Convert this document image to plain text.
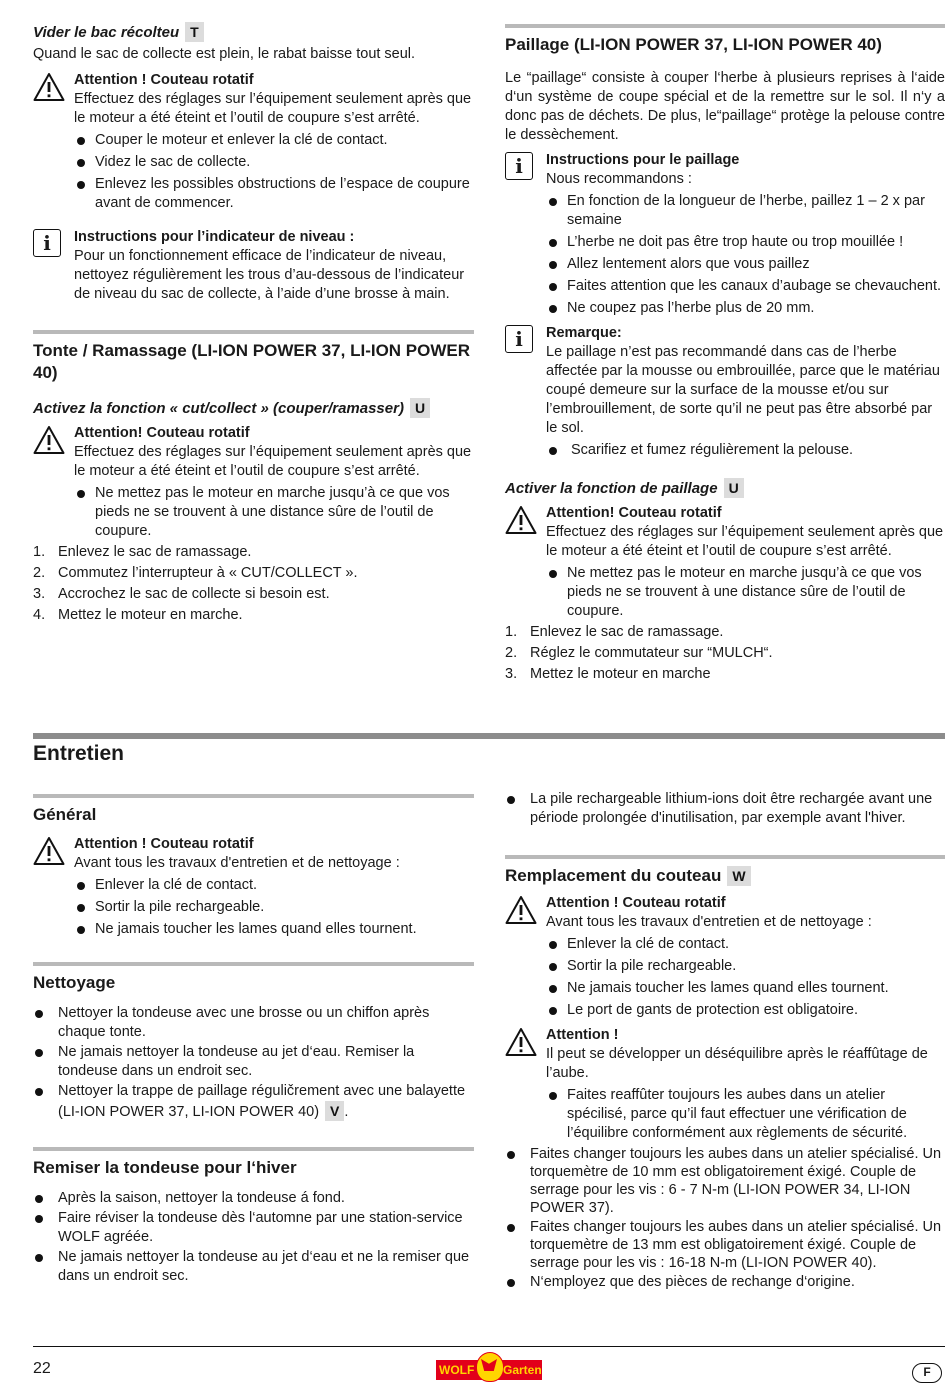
Vider le bac récolteu T

Quand le sac de collecte est plein, le rabat baisse tout seul.

Attention ! Couteau rotatif

Effectuez des réglages sur l’équipement seulement après que le moteur a été éteint et l’outil de coupure s’est arrêté.

Couper le moteur et enlever la clé de contact.
Videz le sac de collecte.
Enlevez les possibles obstructions de l’espace de coupure avant de commencer.
i	Instructions pour l’indicateur de niveau :

Pour un fonctionnement efficace de l’indicateur de niveau, nettoyez régulièrement les trous d’au-dessous de l’indicateur de niveau du sac de collecte, à l’aide d’une brosse à main.

Tonte / Ramassage (LI-ION POWER 37, LI-ION POWER 40)
Activez la fonction « cut/collect » (couper/ramasser) U

Attention! Couteau rotatif

Effectuez des réglages sur l’équipement seulement après que le moteur a été éteint et l’outil de coupure s’est arrêté.

Ne mettez pas le moteur en marche jusqu’à ce que vos pieds ne se trouvent à une distance sûre de l’outil de coupure.
1. Enlevez le sac de ramassage.
2. Commutez l’interrupteur à « CUT/COLLECT ».
3. Accrochez le sac de collecte si besoin est.
4. Mettez le moteur en marche.
Paillage (LI-ION POWER 37, LI-ION POWER 40)

Le “paillage“ consiste à couper l‘herbe à plusieurs reprises à l‘aide d‘un système de coupe spécial et de la remettre sur le sol. Il n‘y a donc pas de déchets. De plus, le“paillage“ protège la pelouse contre le dessèchement.

i	Instructions pour le paillage

Nous recommandons :

En fonction de la longueur de l’herbe, paillez 1 – 2 x par semaine
L’herbe ne doit pas être trop haute ou trop mouillée !
Allez lentement alors que vous paillez
Faites attention que les canaux d’aubage se chevauchent.
Ne coupez pas l’herbe plus de 20 mm.
i	Remarque:

Le paillage n’est pas recommandé dans cas de l’herbe affectée par la mousse ou embrouillée, parce que le matériau coupé demeure sur la surface de la mousse et/ou sur l’embrouillement, de sorte qu’il ne peut pas être absorbé par le sol.

Scarifiez et fumez régulièrement la pelouse.
Activer la fonction de paillage U

Attention! Couteau rotatif

Effectuez des réglages sur l’équipement seulement après que le moteur a été éteint et l’outil de coupure s’est arrêté.

Ne mettez pas le moteur en marche jusqu’à ce que vos pieds ne se trouvent à une distance sûre de l’outil de coupure.
1. Enlevez le sac de ramassage.
2. Réglez le commutateur sur “MULCH“.
3. Mettez le moteur en marche
Entretien
Général

Attention ! Couteau rotatif

Avant tous les travaux d'entretien et de nettoyage :

Enlever la clé de contact.
Sortir la pile rechargeable.
Ne jamais toucher les lames quand elles tournent.
Nettoyage
Nettoyer la tondeuse avec une brosse ou un chiffon après chaque tonte.
Ne jamais nettoyer la tondeuse au jet d‘eau. Remiser la tondeuse dans un endroit sec.
Nettoyer la trappe de paillage réguličrement avec une balayette (LI-ION POWER 37, LI-ION POWER 40) V .
Remiser la tondeuse pour l‘hiver
Après la saison, nettoyer la tondeuse á fond.
Faire réviser la tondeuse dès l‘automne par une station-service WOLF agréée.
Ne jamais nettoyer la tondeuse au jet d‘eau et ne la remiser que dans un endroit sec.
La pile rechargeable lithium-ions doit être rechargée avant une période prolongée d'inutilisation, par exemple avant l'hiver.
Remplacement du couteau W

Attention ! Couteau rotatif

Avant tous les travaux d'entretien et de nettoyage :

Enlever la clé de contact.
Sortir la pile rechargeable.
Ne jamais toucher les lames quand elles tournent.
Le port de gants de protection est obligatoire.

Attention !

Il peut se développer un déséquilibre après le réaffûtage de l’aube.

Faites reaffûter toujours les aubes dans un atelier spécilisé, parce qu’il faut effectuer une vérification de l’équilibre conformément aux règlements de sécurité.
Faites changer toujours les aubes dans un atelier spécialisé. Un torquemètre de 10 mm est obligatoirement éxigé. Couple de serrage pour les vis : 6 - 7 N-m (LI-ION POWER 34, LI-ION POWER 37).
Faites changer toujours les aubes dans un atelier spécialisé. Un torquemètre de 13 mm est obligatoirement éxigé. Couple de serrage pour les vis : 16-18 N-m (LI-ION POWER 40).
N‘employez que des pièces de rechange d‘origine.
22	WOLF Garten	F
